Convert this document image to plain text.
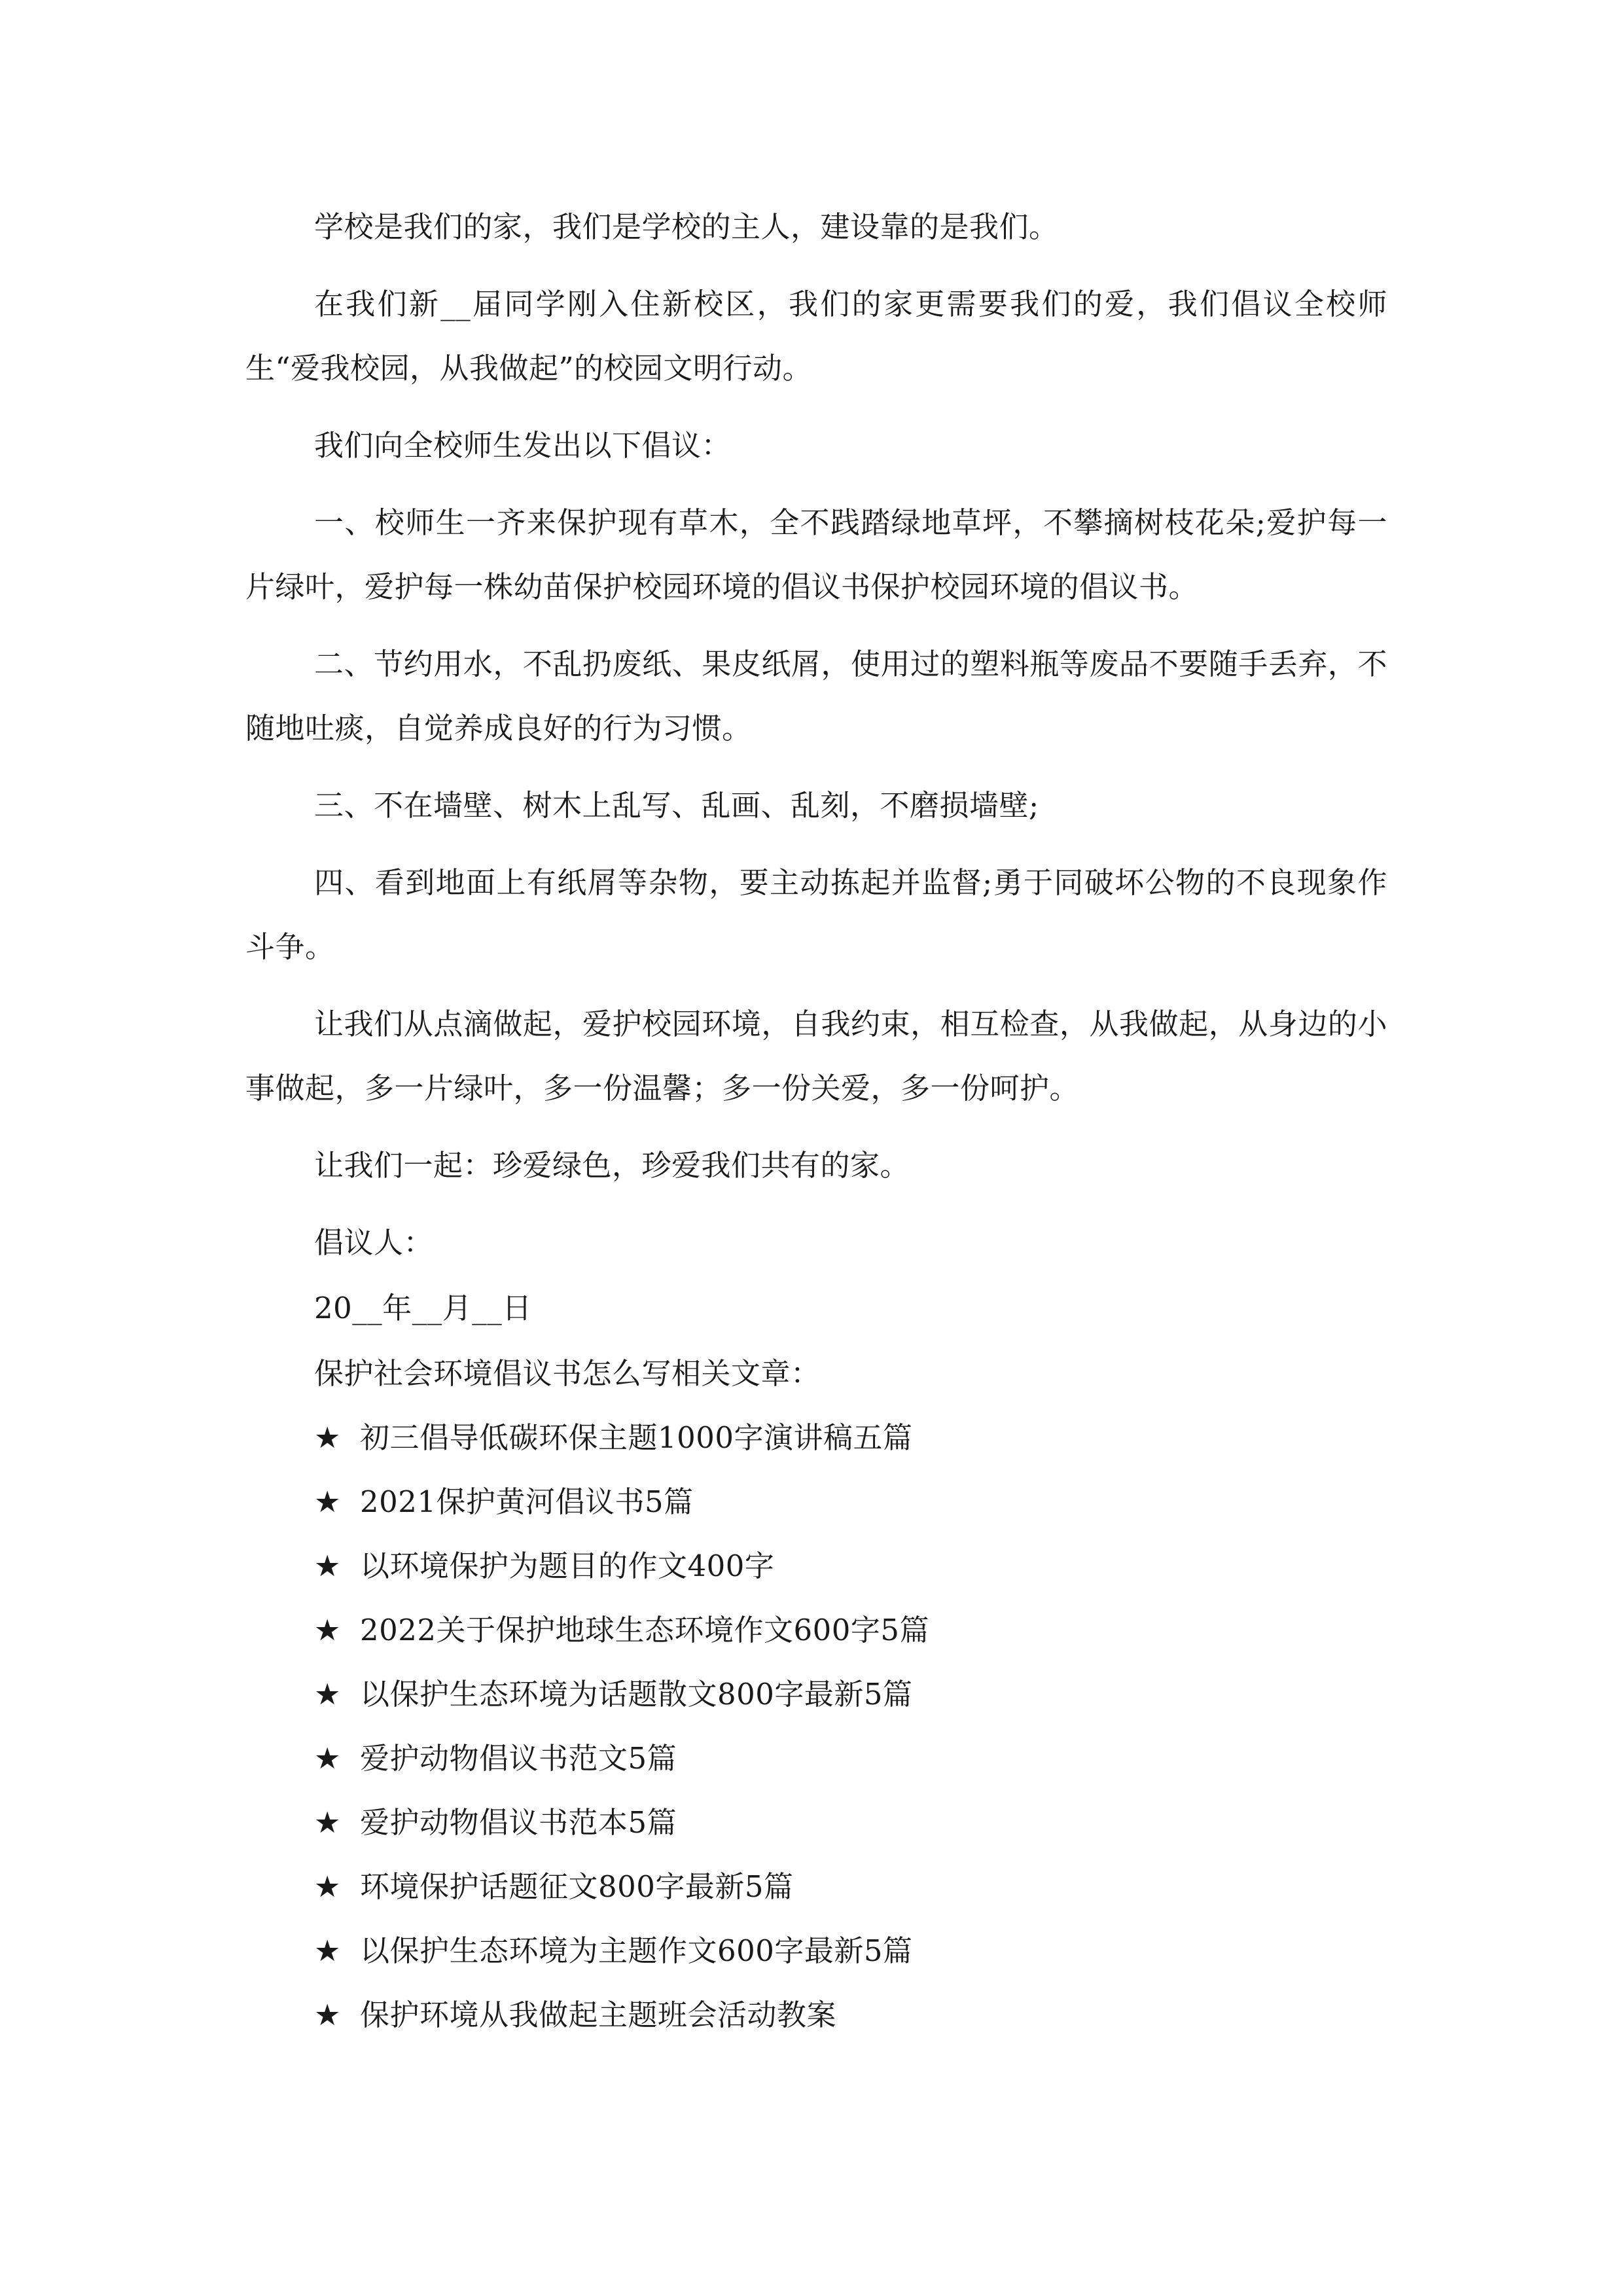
学校是我们的家，我们是学校的主人，建设靠的是我们。

在我们新__届同学刚入住新校区，我们的家更需要我们的爱，我们倡议全校师生“爱我校园，从我做起”的校园文明行动。

我们向全校师生发出以下倡议：

一、校师生一齐来保护现有草木，全不践踏绿地草坪，不攀摘树枝花朵;爱护每一片绿叶，爱护每一株幼苗保护校园环境的倡议书保护校园环境的倡议书。

二、节约用水，不乱扔废纸、果皮纸屑，使用过的塑料瓶等废品不要随手丢弃，不随地吐痰，自觉养成良好的行为习惯。

三、不在墙壁、树木上乱写、乱画、乱刻，不磨损墙壁;

四、看到地面上有纸屑等杂物，要主动拣起并监督;勇于同破坏公物的不良现象作斗争。

让我们从点滴做起，爱护校园环境，自我约束，相互检查，从我做起，从身边的小事做起，多一片绿叶，多一份温馨；多一份关爱，多一份呵护。

让我们一起：珍爱绿色，珍爱我们共有的家。

倡议人：

20__年__月__日

保护社会环境倡议书怎么写相关文章：

★ 初三倡导低碳环保主题1000字演讲稿五篇
★ 2021保护黄河倡议书5篇
★ 以环境保护为题目的作文400字
★ 2022关于保护地球生态环境作文600字5篇
★ 以保护生态环境为话题散文800字最新5篇
★ 爱护动物倡议书范文5篇
★ 爱护动物倡议书范本5篇
★ 环境保护话题征文800字最新5篇
★ 以保护生态环境为主题作文600字最新5篇
★ 保护环境从我做起主题班会活动教案
